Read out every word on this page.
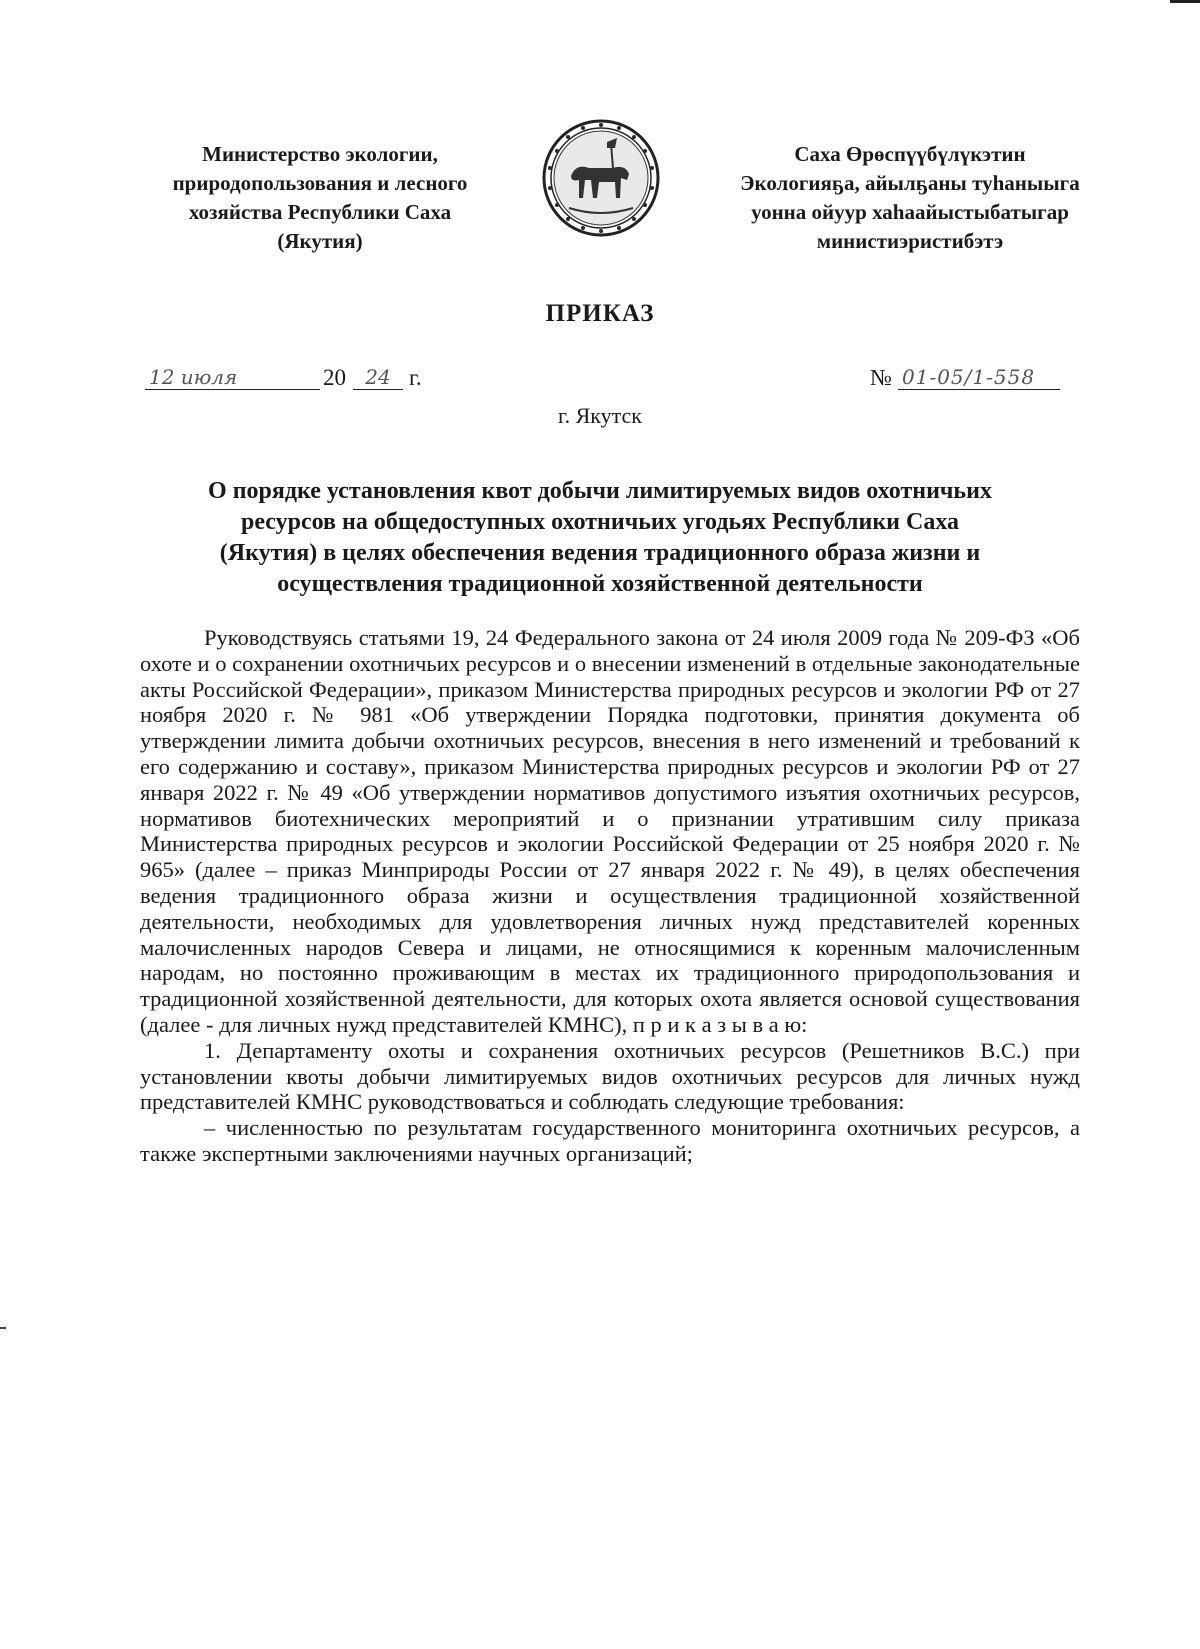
Министерство экологии,
природопользования и лесного
хозяйства Республики Саха
(Якутия)
Саха Өрөспүүбүлүкэтин
Экологияҕа, айылҕаны туһаныыга
уонна ойуур хаһаайыстыбатыгар
министиэристибэтэ
ПРИКАЗ
12 июля	20 24 г.	№ 01-05/1-558
г. Якутск
О порядке установления квот добычи лимитируемых видов охотничьих
ресурсов на общедоступных охотничьих угодьях Республики Саха
(Якутия) в целях обеспечения ведения традиционного образа жизни и
осуществления традиционной хозяйственной деятельности

Руководствуясь статьями 19, 24 Федерального закона от 24 июля 2009 года № 209-ФЗ «Об охоте и о сохранении охотничьих ресурсов и о внесении изменений в отдельные законодательные акты Российской Федерации», приказом Министерства природных ресурсов и экологии РФ от 27 ноября 2020 г. № 981 «Об утверждении Порядка подготовки, принятия документа об утверждении лимита добычи охотничьих ресурсов, внесения в него изменений и требований к его содержанию и составу», приказом Министерства природных ресурсов и экологии РФ от 27 января 2022 г. № 49 «Об утверждении нормативов допустимого изъятия охотничьих ресурсов, нормативов биотехнических мероприятий и о признании утратившим силу приказа Министерства природных ресурсов и экологии Российской Федерации от 25 ноября 2020 г. № 965» (далее – приказ Минприроды России от 27 января 2022 г. № 49), в целях обеспечения ведения традиционного образа жизни и осуществления традиционной хозяйственной деятельности, необходимых для удовлетворения личных нужд представителей коренных малочисленных народов Севера и лицами, не относящимися к коренным малочисленным народам, но постоянно проживающим в местах их традиционного природопользования и традиционной хозяйственной деятельности, для которых охота является основой существования (далее - для личных нужд представителей КМНС), п р и к а з ы в а ю:

1. Департаменту охоты и сохранения охотничьих ресурсов (Решетников В.С.) при установлении квоты добычи лимитируемых видов охотничьих ресурсов для личных нужд представителей КМНС руководствоваться и соблюдать следующие требования:

– численностью по результатам государственного мониторинга охотничьих ресурсов, а также экспертными заключениями научных организаций;
